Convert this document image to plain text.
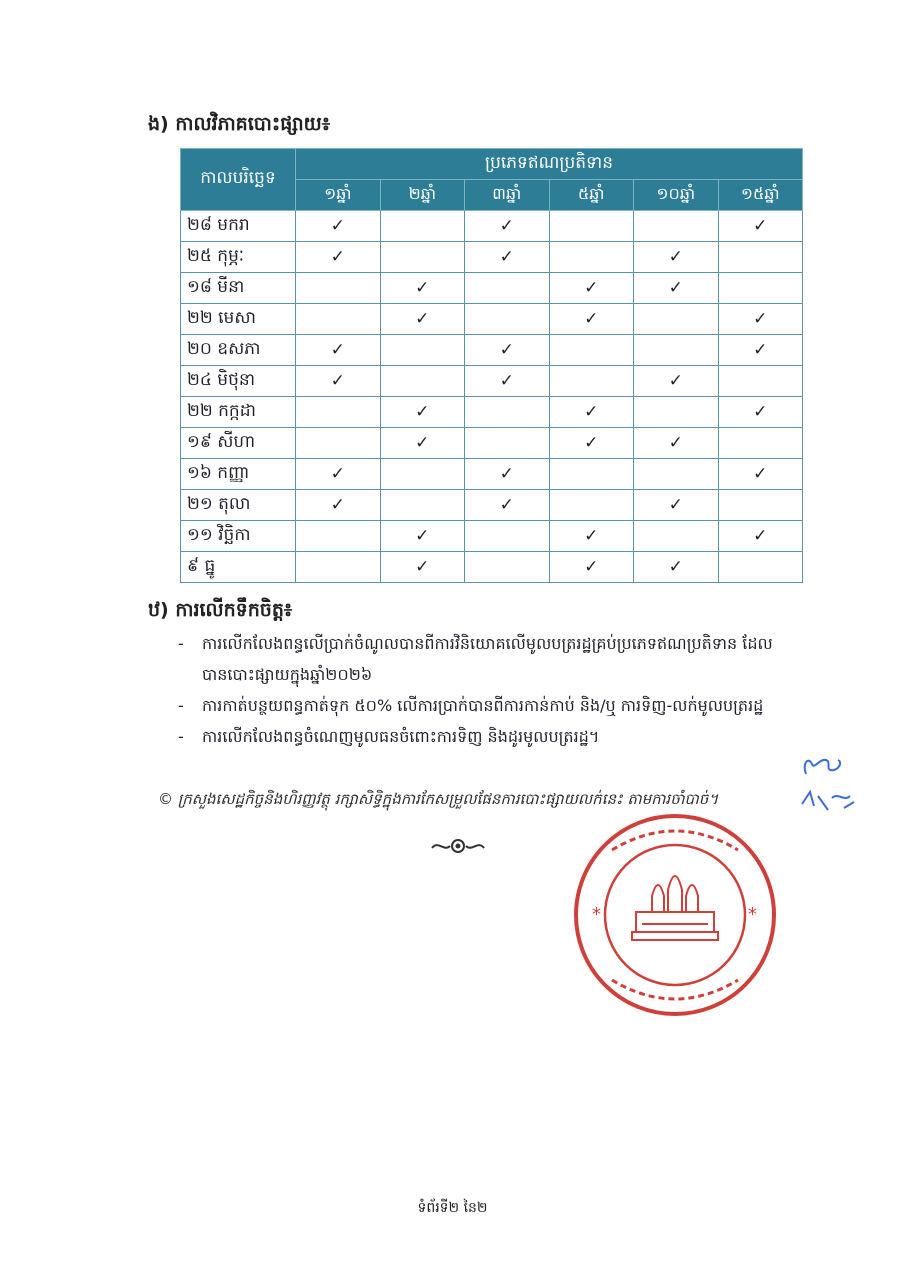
ង) កាលវិភាគបោះផ្សាយ៖
កាលបរិច្ឆេទ	ប្រភេទឥណប្រតិទាន					
	១ឆ្នាំ	២ឆ្នាំ	៣ឆ្នាំ	៥ឆ្នាំ	១០ឆ្នាំ	១៥ឆ្នាំ
២៨ មករា	✓		✓			✓
២៥ កុម្ភៈ	✓		✓		✓	
១៨ មីនា		✓		✓	✓	
២២ មេសា		✓		✓		✓
២០ ឧសភា	✓		✓			✓
២៤ មិថុនា	✓		✓		✓	
២២ កក្កដា		✓		✓		✓
១៩ សីហា		✓		✓	✓	
១៦ កញ្ញា	✓		✓			✓
២១ តុលា	✓		✓		✓	
១១ វិច្ឆិកា		✓		✓		✓
៩ ធ្នូ		✓		✓	✓	
ឋ) ការលើកទឹកចិត្ត៖
- ការលើកលែងពន្ធលើប្រាក់ចំណូលបានពីការវិនិយោគលើមូលបត្ររដ្ឋគ្រប់ប្រភេទឥណប្រតិទាន ដែលបានបោះផ្សាយក្នុងឆ្នាំ២០២៦
- ការកាត់បន្ថយពន្ធកាត់ទុក ៥០% លើការប្រាក់បានពីការកាន់កាប់ និង/ឬ ការទិញ-លក់មូលបត្ររដ្ឋ
- ការលើកលែងពន្ធចំណេញមូលធនចំពោះការទិញ និងដូរមូលបត្ររដ្ឋ។
© ក្រសួងសេដ្ឋកិច្ចនិងហិរញ្ញវត្ថុ រក្សាសិទ្ធិក្នុងការកែសម្រួលផែនការបោះផ្សាយលក់នេះ តាមការចាំបាច់។
*	*
ទំព័រទី២ នៃ២
